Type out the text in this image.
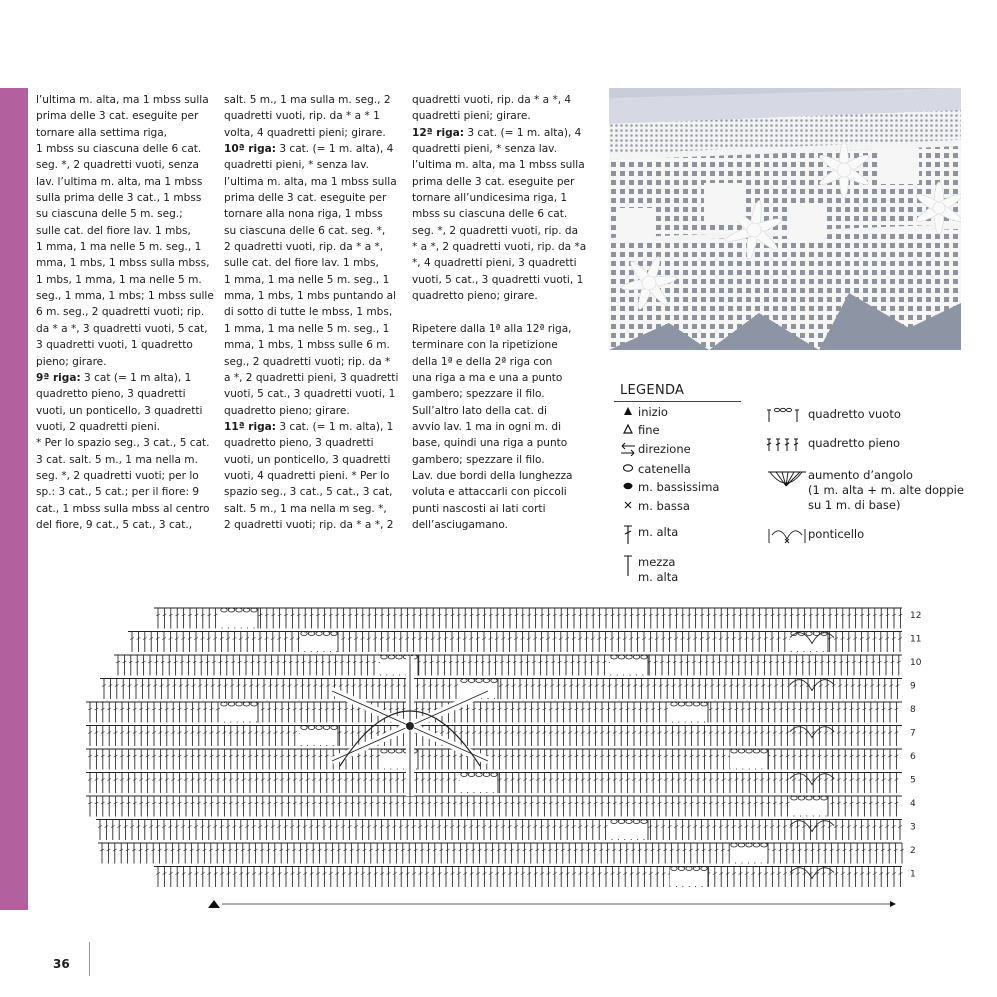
l’ultima m. alta, ma 1 mbss sulla
prima delle 3 cat. eseguite per
tornare alla settima riga,
1 mbss su ciascuna delle 6 cat.
seg. *, 2 quadretti vuoti, senza
lav. l’ultima m. alta, ma 1 mbss
sulla prima delle 3 cat., 1 mbss
su ciascuna delle 5 m. seg.;
sulle cat. del fiore lav. 1 mbs,
1 mma, 1 ma nelle 5 m. seg., 1
mma, 1 mbs, 1 mbss sulla mbss,
1 mbs, 1 mma, 1 ma nelle 5 m.
seg., 1 mma, 1 mbs; 1 mbss sulle
6 m. seg., 2 quadretti vuoti; rip.
da * a *, 3 quadretti vuoti, 5 cat,
3 quadretti vuoti, 1 quadretto
pieno; girare.
9ª riga: 3 cat (= 1 m alta), 1
quadretto pieno, 3 quadretti
vuoti, un ponticello, 3 quadretti
vuoti, 2 quadretti pieni.
* Per lo spazio seg., 3 cat., 5 cat.
3 cat. salt. 5 m., 1 ma nella m.
seg. *, 2 quadretti vuoti; per lo
sp.: 3 cat., 5 cat.; per il fiore: 9
cat., 1 mbss sulla mbss al centro
del fiore, 9 cat., 5 cat., 3 cat.,
salt. 5 m., 1 ma sulla m. seg., 2
quadretti vuoti, rip. da * a * 1
volta, 4 quadretti pieni; girare.
10ª riga: 3 cat. (= 1 m. alta), 4
quadretti pieni, * senza lav.
l’ultima m. alta, ma 1 mbss sulla
prima delle 3 cat. eseguite per
tornare alla nona riga, 1 mbss
su ciascuna delle 6 cat. seg. *,
2 quadretti vuoti, rip. da * a *,
sulle cat. del fiore lav. 1 mbs,
1 mma, 1 ma nelle 5 m. seg., 1
mma, 1 mbs, 1 mbs puntando al
di sotto di tutte le mbss, 1 mbs,
1 mma, 1 ma nelle 5 m. seg., 1
mma, 1 mbs, 1 mbss sulle 6 m.
seg., 2 quadretti vuoti; rip. da *
a *, 2 quadretti pieni, 3 quadretti
vuoti, 5 cat., 3 quadretti vuoti, 1
quadretto pieno; girare.
11ª riga: 3 cat. (= 1 m. alta), 1
quadretto pieno, 3 quadretti
vuoti, un ponticello, 3 quadretti
vuoti, 4 quadretti pieni. * Per lo
spazio seg., 3 cat., 5 cat., 3 cat,
salt. 5 m., 1 ma nella m seg. *,
2 quadretti vuoti; rip. da * a *, 2
quadretti vuoti, rip. da * a *, 4
quadretti pieni; girare.
12ª riga: 3 cat. (= 1 m. alta), 4
quadretti pieni, * senza lav.
l’ultima m. alta, ma 1 mbss sulla
prima delle 3 cat. eseguite per
tornare all’undicesima riga, 1
mbss su ciascuna delle 6 cat.
seg. *, 2 quadretti vuoti, rip. da
* a *, 2 quadretti vuoti, rip. da *a
*, 4 quadretti pieni, 3 quadretti
vuoti, 5 cat., 3 quadretti vuoti, 1
quadretto pieno; girare.

Ripetere dalla 1ª alla 12ª riga,
terminare con la ripetizione
della 1ª e della 2ª riga con
una riga a ma e una a punto
gambero; spezzare il filo.
Sull’altro lato della cat. di
avvio lav. 1 ma in ogni m. di
base, quindi una riga a punto
gambero; spezzare il filo.
Lav. due bordi della lunghezza
voluta e attaccarli con piccoli
punti nascosti ai lati corti
dell’asciugamano.
LEGENDA
inizio
fine
direzione
catenella
m. bassissima
m. bassa
m. alta
mezza
m. alta
quadretto vuoto
quadretto pieno
aumento d’angolo
(1 m. alta + m. alte doppie
su 1 m. di base)
ponticello
12
11
10
9
8
7
6
5
4
3
2
1
36
